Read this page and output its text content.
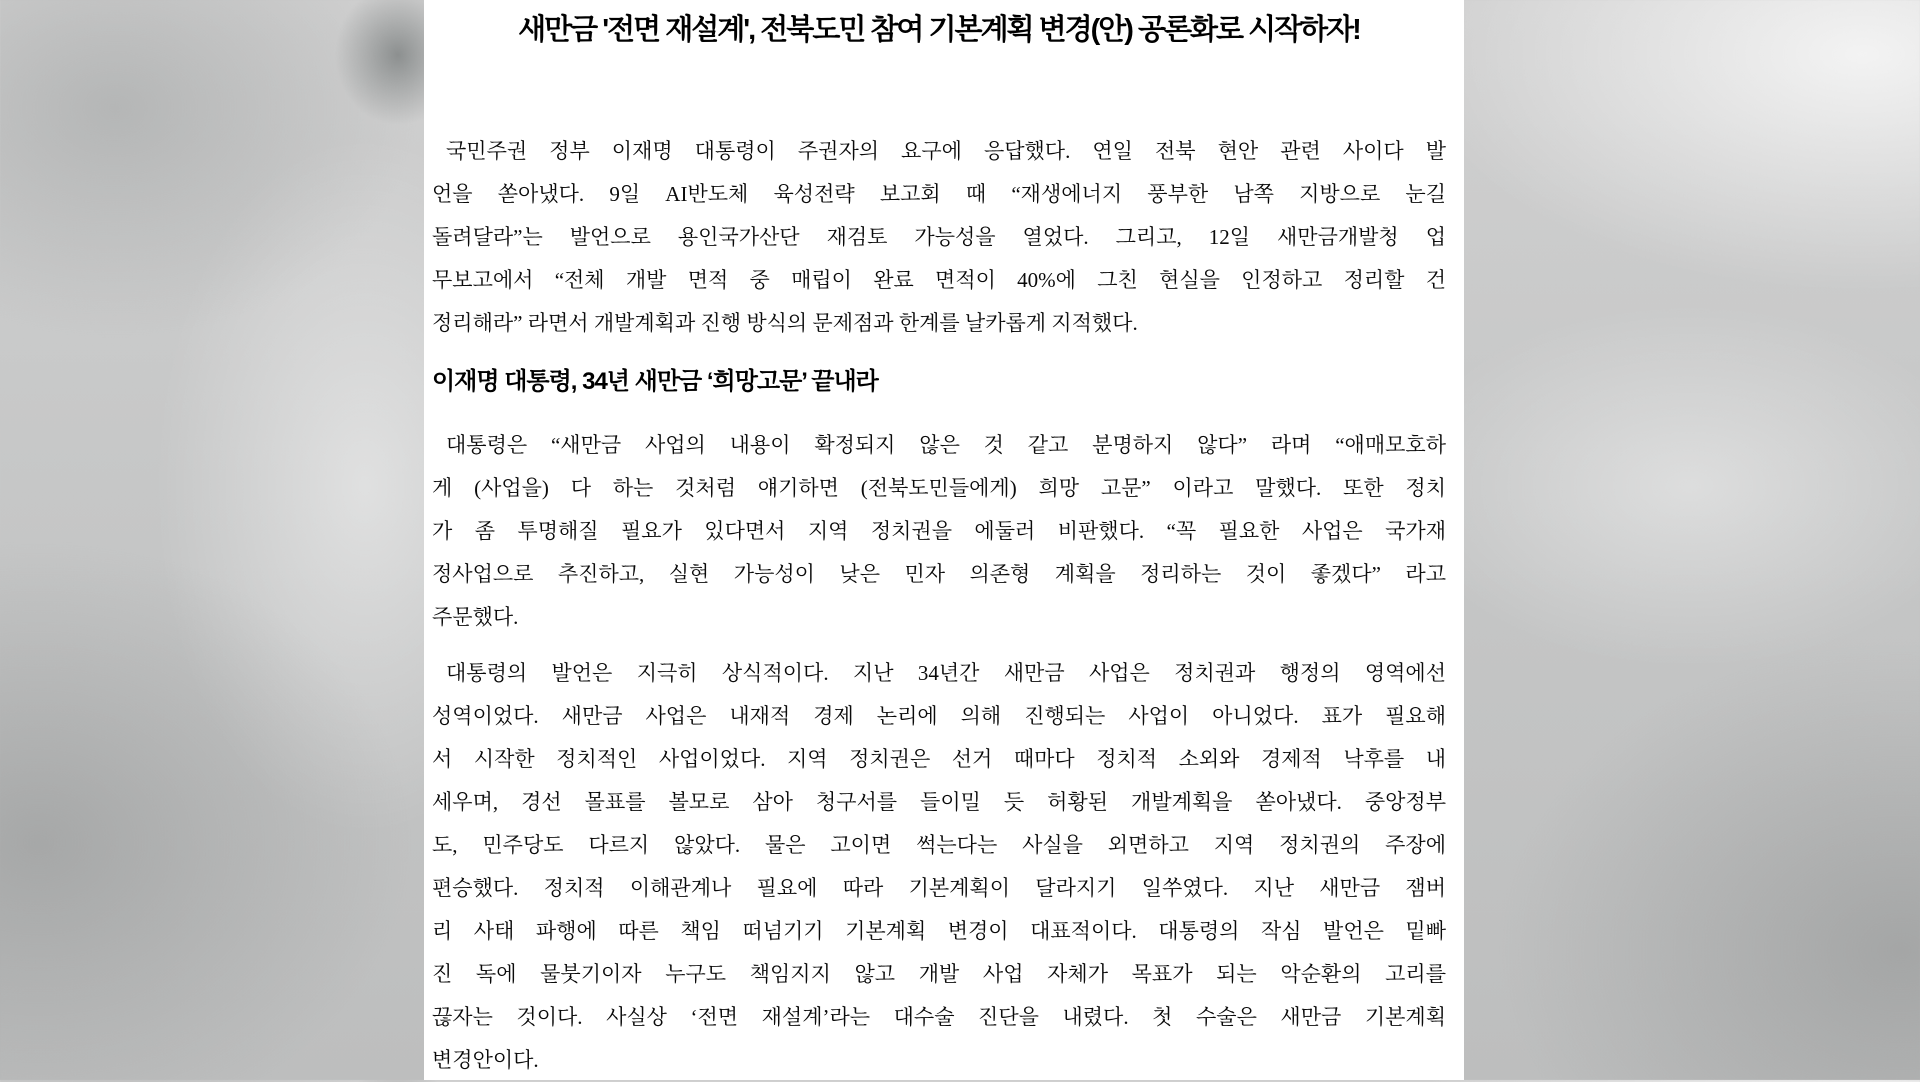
새만금 '전면 재설계', 전북도민 참여 기본계획 변경(안) 공론화로 시작하자!
국민주권 정부 이재명 대통령이 주권자의 요구에 응답했다. 연일 전북 현안 관련 사이다 발
언을 쏟아냈다. 9일 AI반도체 육성전략 보고회 때 “재생에너지 풍부한 남쪽 지방으로 눈길
돌려달라”는 발언으로 용인국가산단 재검토 가능성을 열었다. 그리고, 12일 새만금개발청 업
무보고에서 “전체 개발 면적 중 매립이 완료 면적이 40%에 그친 현실을 인정하고 정리할 건
정리해라” 라면서 개발계획과 진행 방식의 문제점과 한계를 날카롭게 지적했다.
이재명 대통령, 34년 새만금 ‘희망고문’ 끝내라
대통령은 “새만금 사업의 내용이 확정되지 않은 것 같고 분명하지 않다” 라며 “애매모호하
게 (사업을) 다 하는 것처럼 얘기하면 (전북도민들에게) 희망 고문” 이라고 말했다. 또한 정치
가 좀 투명해질 필요가 있다면서 지역 정치권을 에둘러 비판했다. “꼭 필요한 사업은 국가재
정사업으로 추진하고, 실현 가능성이 낮은 민자 의존형 계획을 정리하는 것이 좋겠다” 라고
주문했다.
대통령의 발언은 지극히 상식적이다. 지난 34년간 새만금 사업은 정치권과 행정의 영역에선
성역이었다. 새만금 사업은 내재적 경제 논리에 의해 진행되는 사업이 아니었다. 표가 필요해
서 시작한 정치적인 사업이었다. 지역 정치권은 선거 때마다 정치적 소외와 경제적 낙후를 내
세우며, 경선 몰표를 볼모로 삼아 청구서를 들이밀 듯 허황된 개발계획을 쏟아냈다. 중앙정부
도, 민주당도 다르지 않았다. 물은 고이면 썩는다는 사실을 외면하고 지역 정치권의 주장에
편승했다. 정치적 이해관계나 필요에 따라 기본계획이 달라지기 일쑤였다. 지난 새만금 잼버
리 사태 파행에 따른 책임 떠넘기기 기본계획 변경이 대표적이다. 대통령의 작심 발언은 밑빠
진 독에 물붓기이자 누구도 책임지지 않고 개발 사업 자체가 목표가 되는 악순환의 고리를
끊자는 것이다. 사실상 ‘전면 재설계’라는 대수술 진단을 내렸다. 첫 수술은 새만금 기본계획
변경안이다.
